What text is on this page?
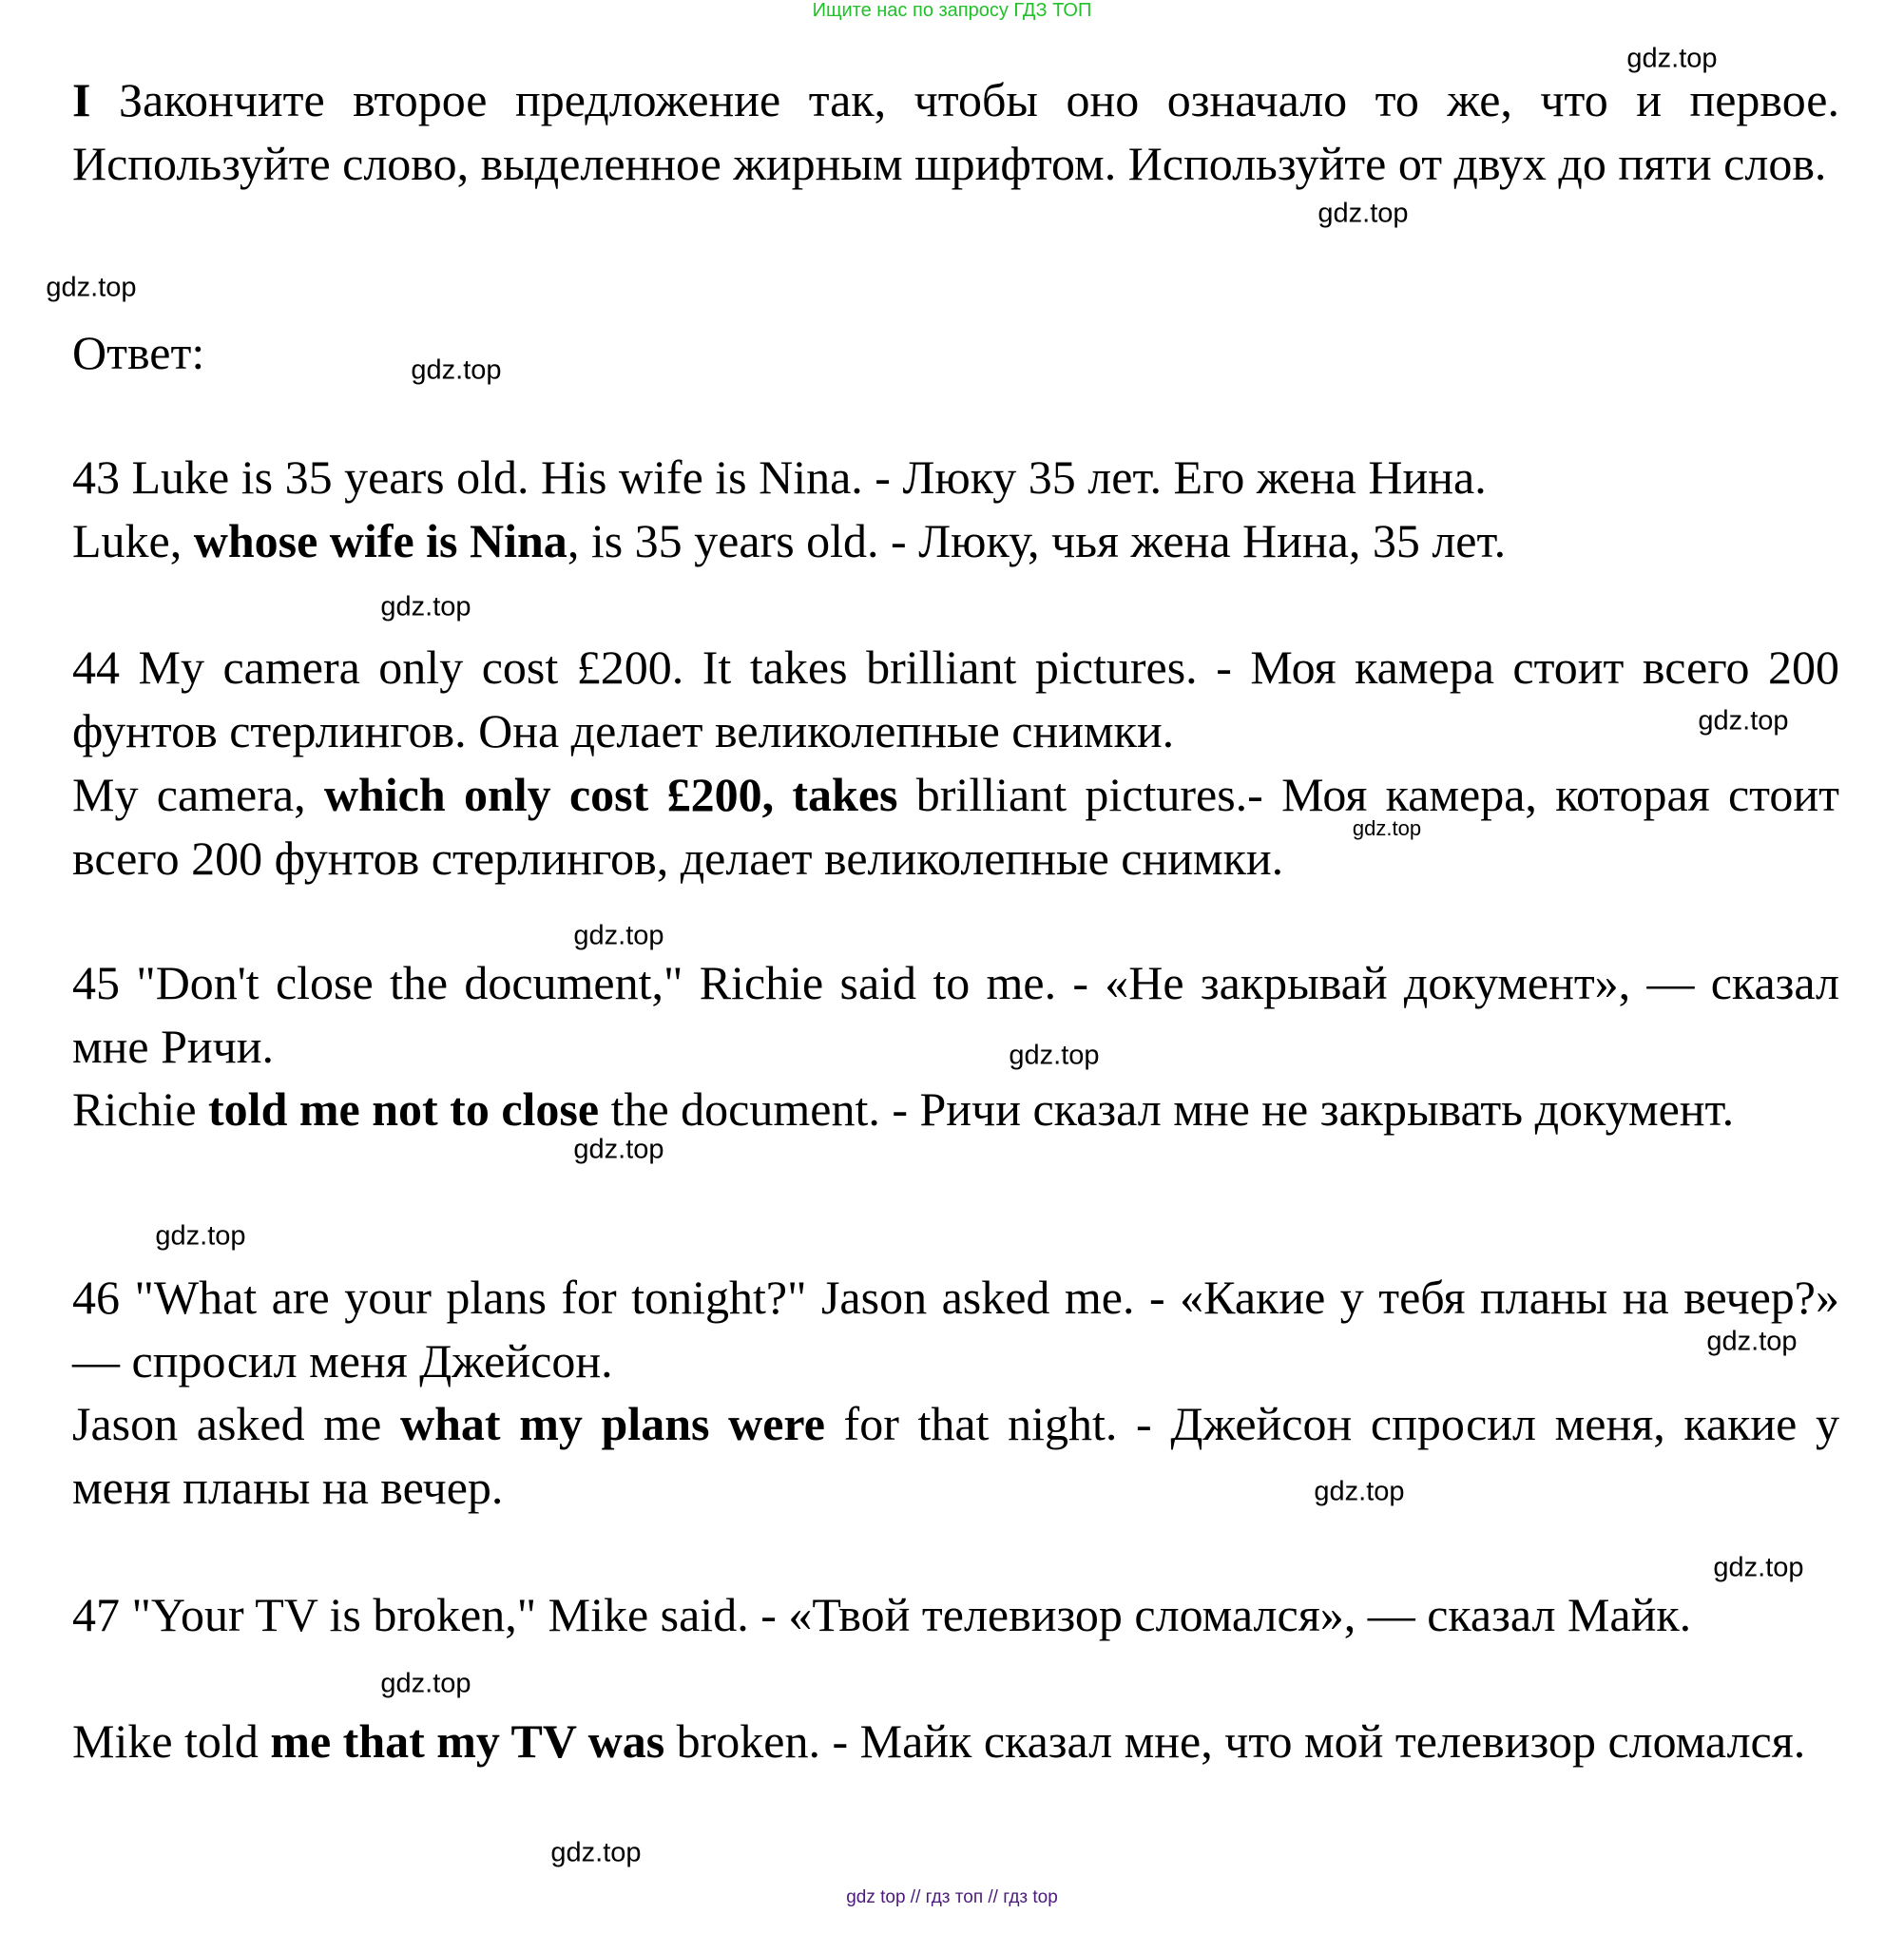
Ищите нас по запросу ГДЗ ТОП

I Закончите второе предложение так, чтобы оно означало то же, что и первое. Используйте слово, выделенное жирным шрифтом. Используйте от двух до пяти слов.

Ответ:

43 Luke is 35 years old. His wife is Nina. - Люку 35 лет. Его жена Нина.

Luke, whose wife is Nina, is 35 years old. - Люку, чья жена Нина, 35 лет.

44 My camera only cost £200. It takes brilliant pictures. - Моя камера стоит всего 200 фунтов стерлингов. Она делает великолепные снимки.

My camera, which only cost £200, takes brilliant pictures.- Моя камера, которая стоит всего 200 фунтов стерлингов, делает великолепные снимки.

45 "Don't close the document," Richie said to me. - «Не закрывай документ», — сказал мне Ричи.

Richie told me not to close the document. - Ричи сказал мне не закрывать документ.

46 "What are your plans for tonight?" Jason asked me. - «Какие у тебя планы на вечер?» — спросил меня Джейсон.

Jason asked me what my plans were for that night. - Джейсон спросил меня, какие у меня планы на вечер.

47 "Your TV is broken," Mike said. - «Твой телевизор сломался», — сказал Майк.

Mike told me that my TV was broken. - Майк сказал мне, что мой телевизор сломался.

gdz.top
gdz.top
gdz.top
gdz.top
gdz.top
gdz.top
gdz.top
gdz.top
gdz.top
gdz.top
gdz.top
gdz.top
gdz.top
gdz.top
gdz.top
gdz.top
gdz top // гдз топ // гдз top
